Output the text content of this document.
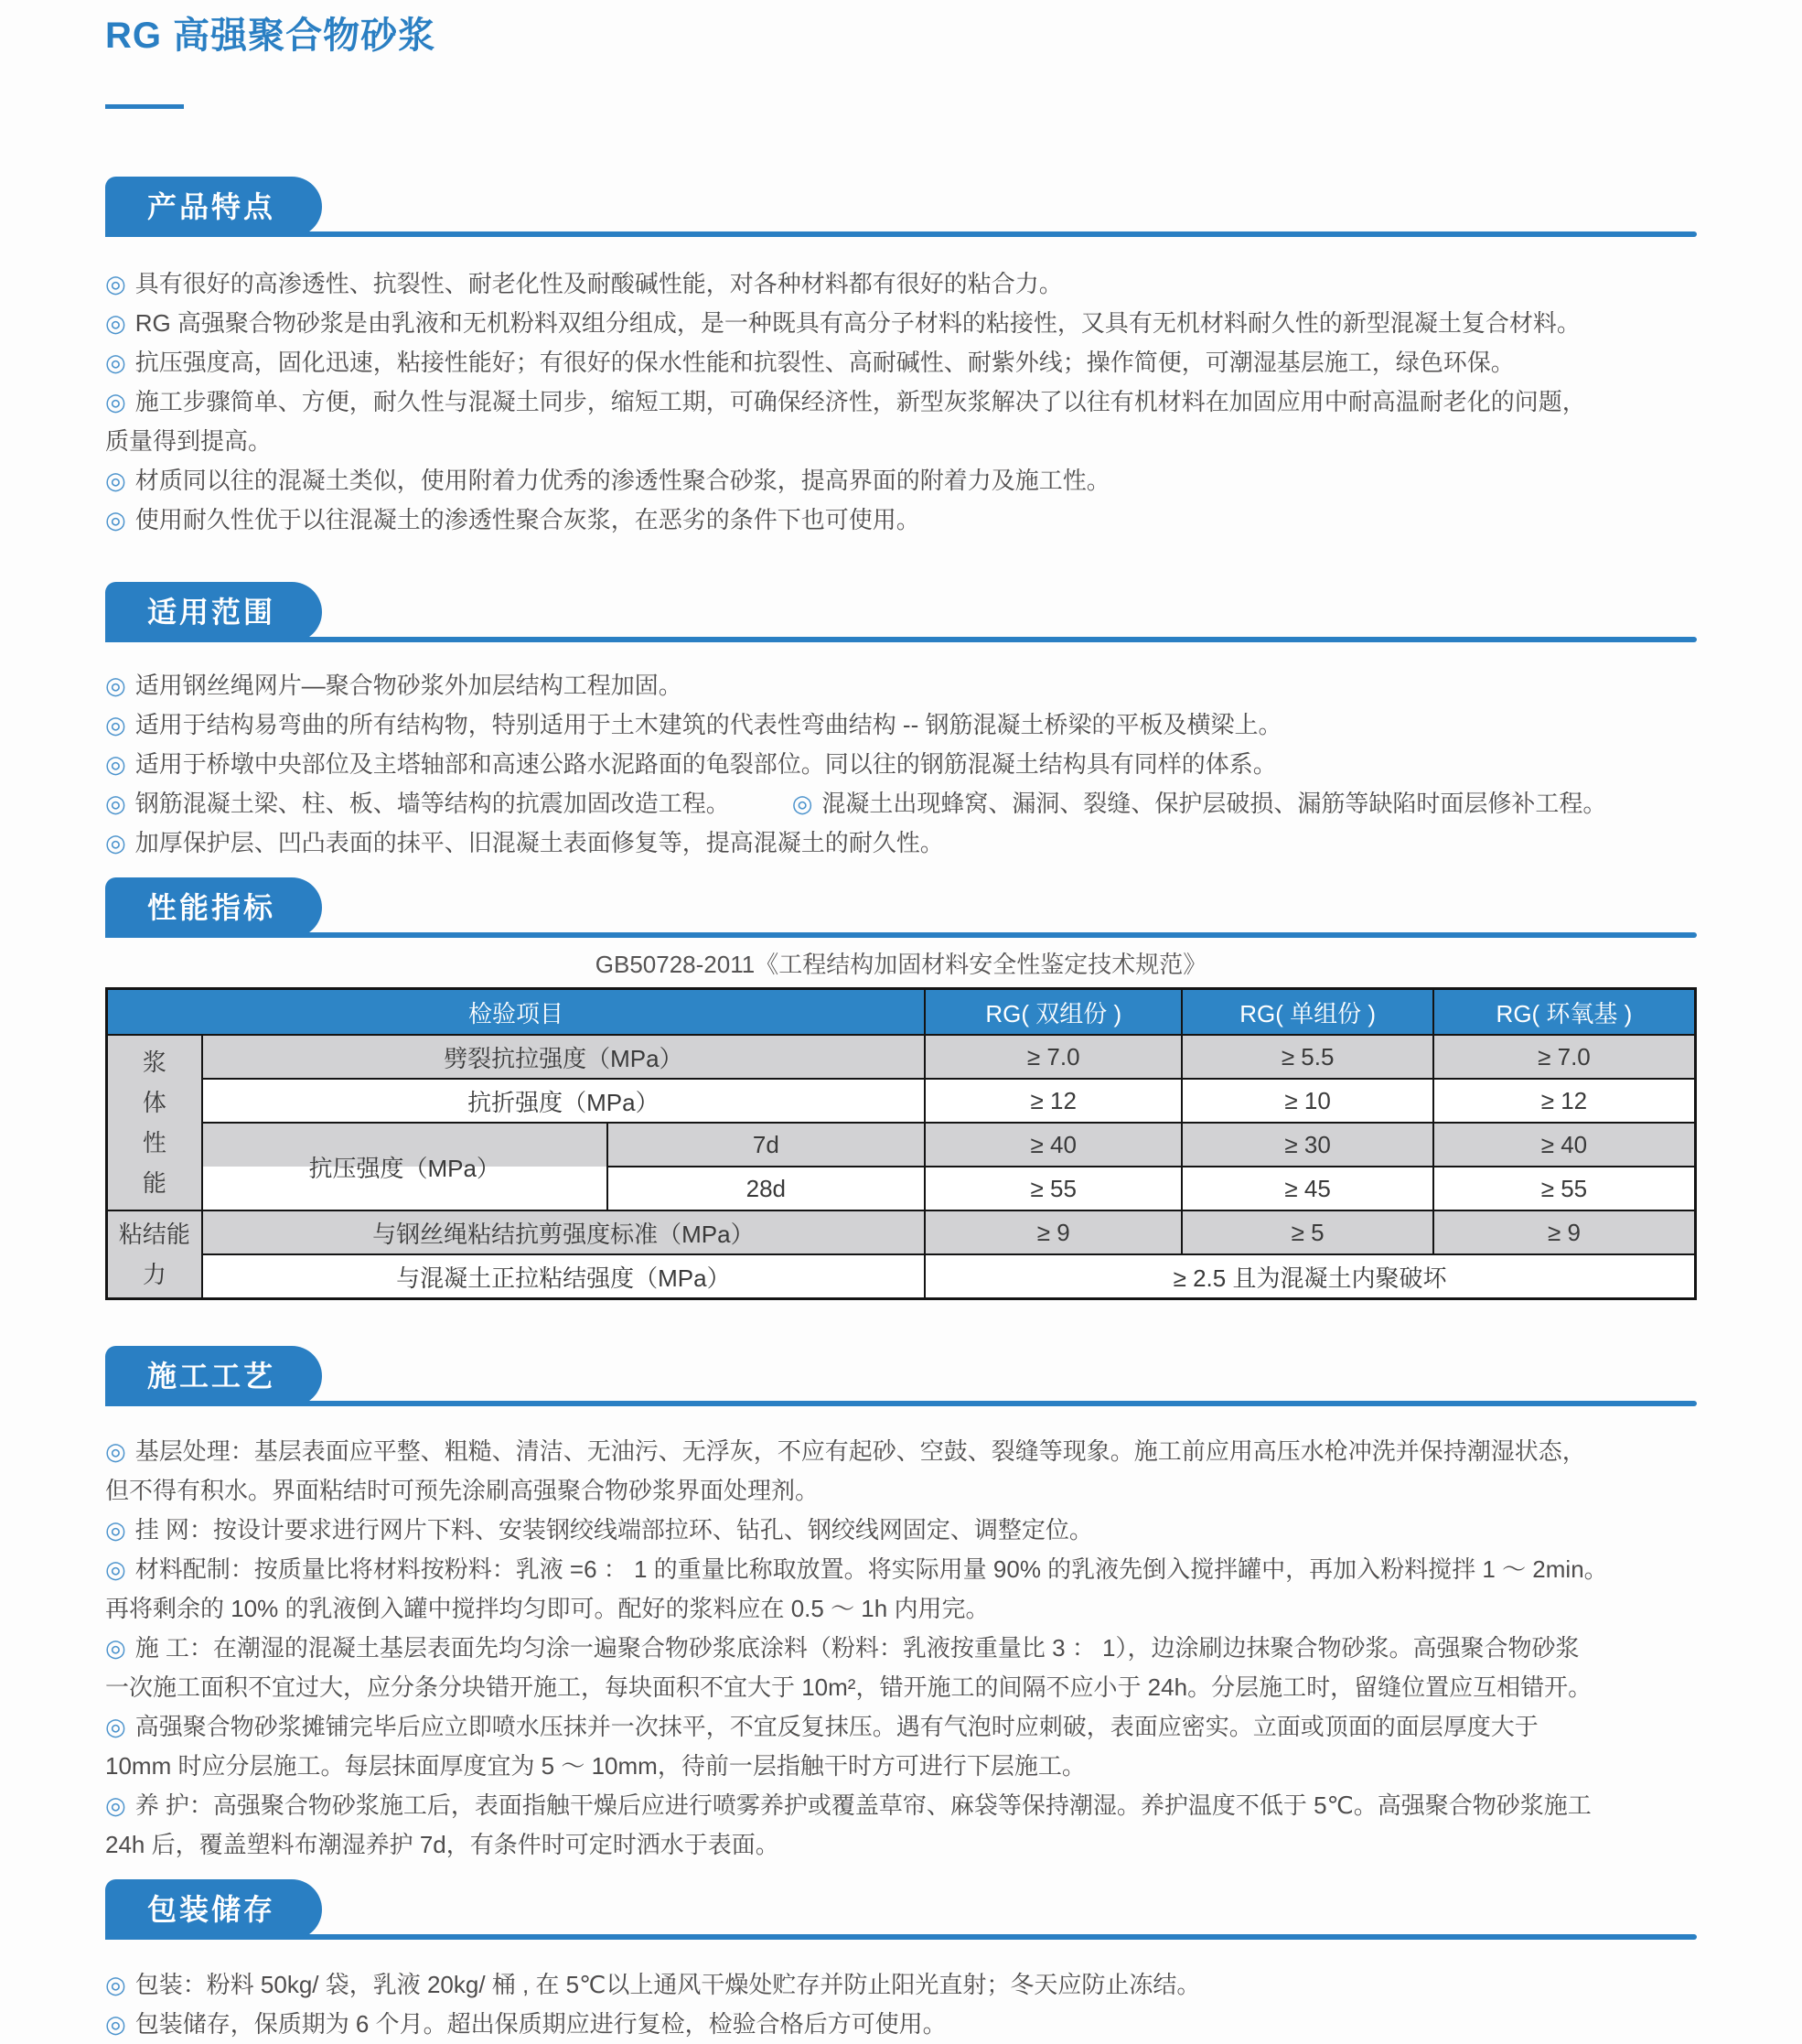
RG 高强聚合物砂浆
产品特点

◎ 具有很好的高渗透性、抗裂性、耐老化性及耐酸碱性能，对各种材料都有很好的粘合力。

◎ RG 高强聚合物砂浆是由乳液和无机粉料双组分组成，是一种既具有高分子材料的粘接性，又具有无机材料耐久性的新型混凝土复合材料。

◎ 抗压强度高，固化迅速，粘接性能好；有很好的保水性能和抗裂性、高耐碱性、耐紫外线；操作简便，可潮湿基层施工，绿色环保。

◎ 施工步骤简单、方便，耐久性与混凝土同步，缩短工期，可确保经济性，新型灰浆解决了以往有机材料在加固应用中耐高温耐老化的问题，
质量得到提高。

◎ 材质同以往的混凝土类似，使用附着力优秀的渗透性聚合砂浆，提高界面的附着力及施工性。

◎ 使用耐久性优于以往混凝土的渗透性聚合灰浆，在恶劣的条件下也可使用。

适用范围

◎ 适用钢丝绳网片—聚合物砂浆外加层结构工程加固。

◎ 适用于结构易弯曲的所有结构物，特别适用于土木建筑的代表性弯曲结构 -- 钢筋混凝土桥梁的平板及横梁上。

◎ 适用于桥墩中央部位及主塔轴部和高速公路水泥路面的龟裂部位。同以往的钢筋混凝土结构具有同样的体系。

◎ 钢筋混凝土梁、柱、板、墙等结构的抗震加固改造工程。	◎ 混凝土出现蜂窝、漏洞、裂缝、保护层破损、漏筋等缺陷时面层修补工程。

◎ 加厚保护层、凹凸表面的抹平、旧混凝土表面修复等，提高混凝土的耐久性。

性能指标

GB50728-2011《工程结构加固材料安全性鉴定技术规范》

检验项目			RG( 双组份 )	RG( 单组份 )	RG( 环氧基 )

浆
体
性
能	劈裂抗拉强度（MPa）		≥ 7.0	≥ 5.5	≥ 7.0
	抗折强度（MPa）		≥ 12	≥ 10	≥ 12
	抗压强度（MPa）	7d	≥ 40	≥ 30	≥ 40
		28d	≥ 55	≥ 45	≥ 55

粘结能
力	与钢丝绳粘结抗剪强度标准（MPa）		≥ 9	≥ 5	≥ 9
	与混凝土正拉粘结强度（MPa）		≥ 2.5 且为混凝土内聚破坏		
施工工艺

◎ 基层处理：基层表面应平整、粗糙、清洁、无油污、无浮灰，不应有起砂、空鼓、裂缝等现象。施工前应用高压水枪冲洗并保持潮湿状态，
但不得有积水。界面粘结时可预先涂刷高强聚合物砂浆界面处理剂。

◎ 挂 网：按设计要求进行网片下料、安装钢绞线端部拉环、钻孔、钢绞线网固定、调整定位。

◎ 材料配制：按质量比将材料按粉料：乳液 =6 ： 1 的重量比称取放置。将实际用量 90% 的乳液先倒入搅拌罐中，再加入粉料搅拌 1 ～ 2min。
再将剩余的 10% 的乳液倒入罐中搅拌均匀即可。配好的浆料应在 0.5 ～ 1h 内用完。

◎ 施 工：在潮湿的混凝土基层表面先均匀涂一遍聚合物砂浆底涂料（粉料：乳液按重量比 3 ： 1），边涂刷边抹聚合物砂浆。高强聚合物砂浆
一次施工面积不宜过大，应分条分块错开施工，每块面积不宜大于 10m²，错开施工的间隔不应小于 24h。分层施工时，留缝位置应互相错开。

◎ 高强聚合物砂浆摊铺完毕后应立即喷水压抹并一次抹平，不宜反复抹压。遇有气泡时应刺破，表面应密实。立面或顶面的面层厚度大于
10mm 时应分层施工。每层抹面厚度宜为 5 ～ 10mm，待前一层指触干时方可进行下层施工。

◎ 养 护：高强聚合物砂浆施工后，表面指触干燥后应进行喷雾养护或覆盖草帘、麻袋等保持潮湿。养护温度不低于 5℃。高强聚合物砂浆施工
24h 后，覆盖塑料布潮湿养护 7d，有条件时可定时洒水于表面。

包装储存

◎ 包装：粉料 50kg/ 袋，乳液 20kg/ 桶 , 在 5℃以上通风干燥处贮存并防止阳光直射；冬天应防止冻结。

◎ 包装储存，保质期为 6 个月。超出保质期应进行复检，检验合格后方可使用。
